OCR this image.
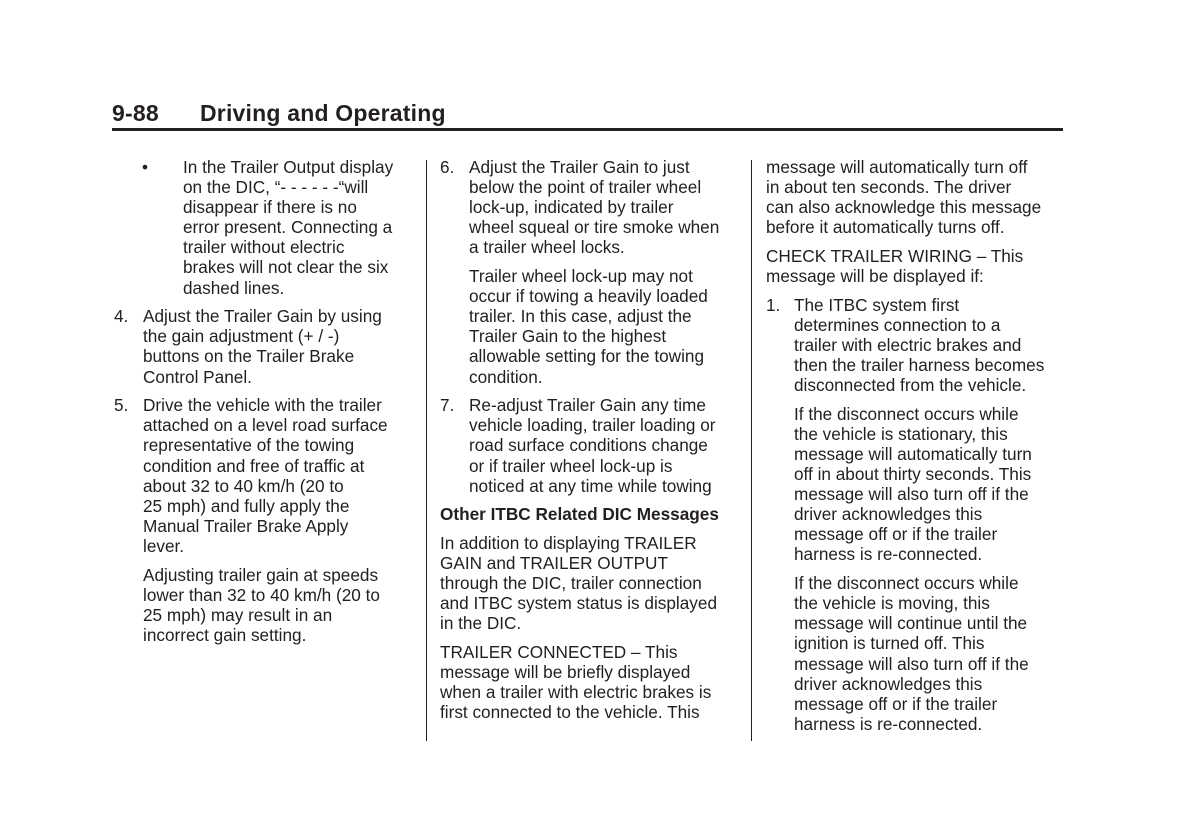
9-88 Driving and Operating
• In the Trailer Output display
on the DIC, “- - - - - -“will
disappear if there is no
error present. Connecting a
trailer without electric
brakes will not clear the six
dashed lines.
4. Adjust the Trailer Gain by using
the gain adjustment (+ / -)
buttons on the Trailer Brake
Control Panel.
5. Drive the vehicle with the trailer
attached on a level road surface
representative of the towing
condition and free of traffic at
about 32 to 40 km/h (20 to
25 mph) and fully apply the
Manual Trailer Brake Apply
lever.
Adjusting trailer gain at speeds
lower than 32 to 40 km/h (20 to
25 mph) may result in an
incorrect gain setting.
6. Adjust the Trailer Gain to just
below the point of trailer wheel
lock-up, indicated by trailer
wheel squeal or tire smoke when
a trailer wheel locks.
Trailer wheel lock-up may not
occur if towing a heavily loaded
trailer. In this case, adjust the
Trailer Gain to the highest
allowable setting for the towing
condition.
7. Re-adjust Trailer Gain any time
vehicle loading, trailer loading or
road surface conditions change
or if trailer wheel lock-up is
noticed at any time while towing
Other ITBC Related DIC Messages
In addition to displaying TRAILER
GAIN and TRAILER OUTPUT
through the DIC, trailer connection
and ITBC system status is displayed
in the DIC.
TRAILER CONNECTED – This
message will be briefly displayed
when a trailer with electric brakes is
first connected to the vehicle. This
message will automatically turn off
in about ten seconds. The driver
can also acknowledge this message
before it automatically turns off.
CHECK TRAILER WIRING – This
message will be displayed if:
1. The ITBC system first
determines connection to a
trailer with electric brakes and
then the trailer harness becomes
disconnected from the vehicle.
If the disconnect occurs while
the vehicle is stationary, this
message will automatically turn
off in about thirty seconds. This
message will also turn off if the
driver acknowledges this
message off or if the trailer
harness is re-connected.
If the disconnect occurs while
the vehicle is moving, this
message will continue until the
ignition is turned off. This
message will also turn off if the
driver acknowledges this
message off or if the trailer
harness is re-connected.
